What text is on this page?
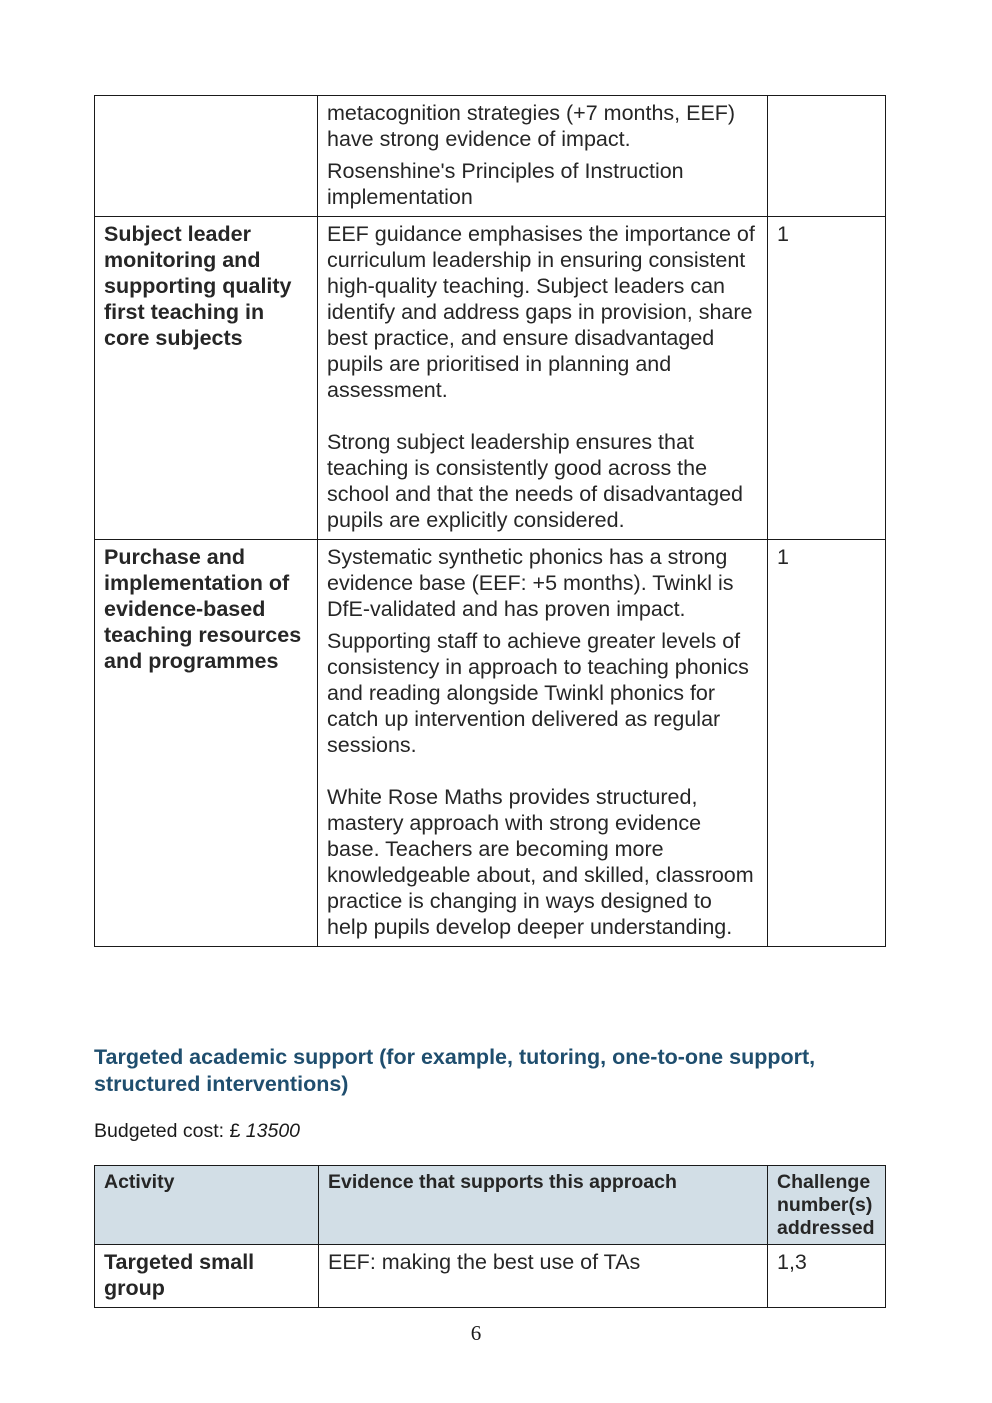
	metacognition strategies (+7 months, EEF) have strong evidence of impact.

Rosenshine's Principles of Instruction implementation	

Subject leader monitoring and supporting quality first teaching in core subjects	EEF guidance emphasises the importance of curriculum leadership in ensuring consistent high-quality teaching. Subject leaders can identify and address gaps in provision, share best practice, and ensure disadvantaged pupils are prioritised in planning and assessment.

Strong subject leadership ensures that teaching is consistently good across the school and that the needs of disadvantaged pupils are explicitly considered.	1
Purchase and implementation of evidence-based teaching resources and programmes	Systematic synthetic phonics has a strong evidence base (EEF: +5 months). Twinkl is DfE-validated and has proven impact.

Supporting staff to achieve greater levels of consistency in approach to teaching phonics and reading alongside Twinkl phonics for catch up intervention delivered as regular sessions.

White Rose Maths provides structured, mastery approach with strong evidence base. Teachers are becoming more knowledgeable about, and skilled, classroom practice is changing in ways designed to help pupils develop deeper understanding.	1
Targeted academic support (for example, tutoring, one-to-one support, structured interventions)

Budgeted cost: £ 13500

Activity	Evidence that supports this approach	Challenge number(s) addressed
Targeted small group	EEF: making the best use of TAs	1,3
6
